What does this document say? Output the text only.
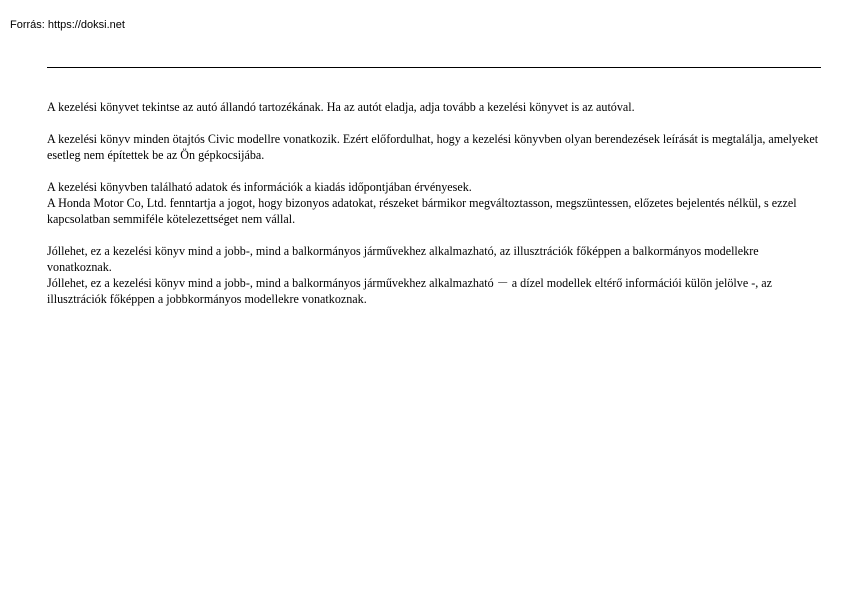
Forrás: https://doksi.net

A kezelési könyvet tekintse az autó állandó tartozékának. Ha az autót eladja, adja tovább a kezelési könyvet is az autóval.

A kezelési könyv minden ötajtós Civic modellre vonatkozik. Ezért előfordulhat, hogy a kezelési könyvben olyan berendezések leírását is megtalálja, amelyeket esetleg nem építettek be az Ön gépkocsijába.

A kezelési könyvben található adatok és információk a kiadás időpontjában érvényesek.
A Honda Motor Co, Ltd. fenntartja a jogot, hogy bizonyos adatokat, részeket bármikor megváltoztasson, megszüntessen, előzetes bejelentés nélkül, s ezzel kapcsolatban semmiféle kötelezettséget nem vállal.

Jóllehet, ez a kezelési könyv mind a jobb-, mind a balkormányos járművekhez alkalmazható, az illusztrációk főképpen a balkormányos modellekre vonatkoznak.
Jóllehet, ez a kezelési könyv mind a jobb-, mind a balkormányos járművekhez alkalmazható － a dízel modellek eltérő információi külön jelölve -, az illusztrációk főképpen a jobbkormányos modellekre vonatkoznak.
